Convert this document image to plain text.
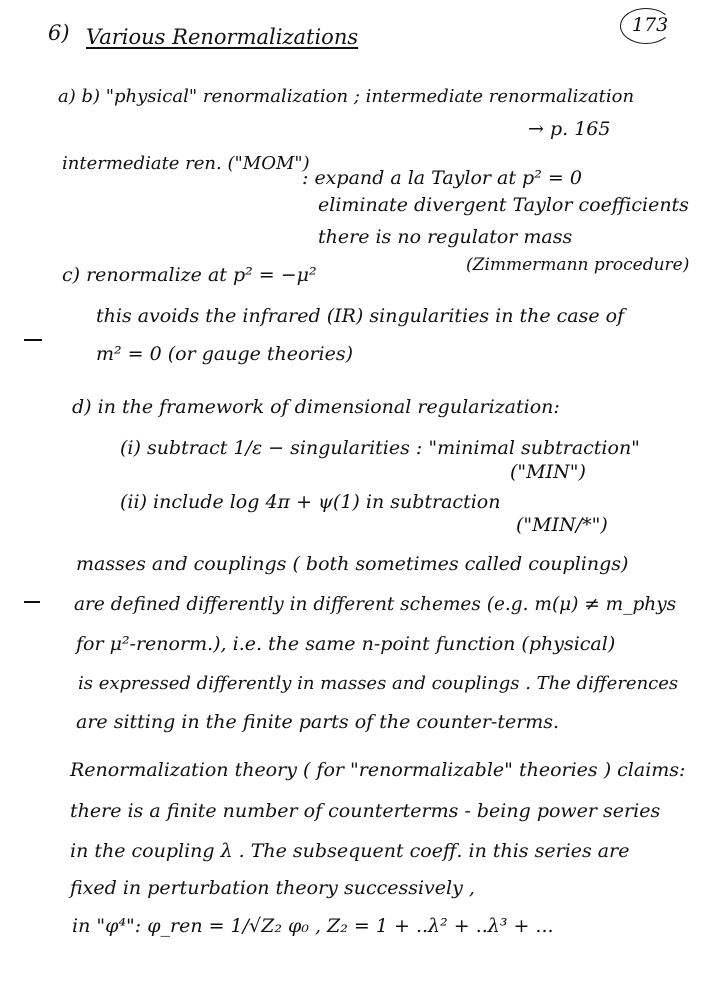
173
6) Various Renormalizations
a) b) "physical" renormalization ; intermediate renormalization
→ p. 165
intermediate ren. ("MOM")
: expand a la Taylor at p² = 0
eliminate divergent Taylor coefficients
there is no regulator mass
c) renormalize at p² = −μ²	(Zimmermann procedure)
this avoids the infrared (IR) singularities in the case of
m² = 0 (or gauge theories)
d) in the framework of dimensional regularization:
(i) subtract 1/ε − singularities : "minimal subtraction"
("MIN")
(ii) include log 4π + ψ(1) in subtraction
("MIN/*")
masses and couplings ( both sometimes called couplings)
are defined differently in different schemes (e.g. m(μ) ≠ m_phys
for μ²-renorm.), i.e. the same n-point function (physical)
is expressed differently in masses and couplings . The differences
are sitting in the finite parts of the counter-terms.
Renormalization theory ( for "renormalizable" theories ) claims:
there is a finite number of counterterms - being power series
in the coupling λ . The subsequent coeff. in this series are
fixed in perturbation theory successively ,
in "φ⁴": φ_ren = 1/√Z₂ φ₀ , Z₂ = 1 + ..λ² + ..λ³ + ...
